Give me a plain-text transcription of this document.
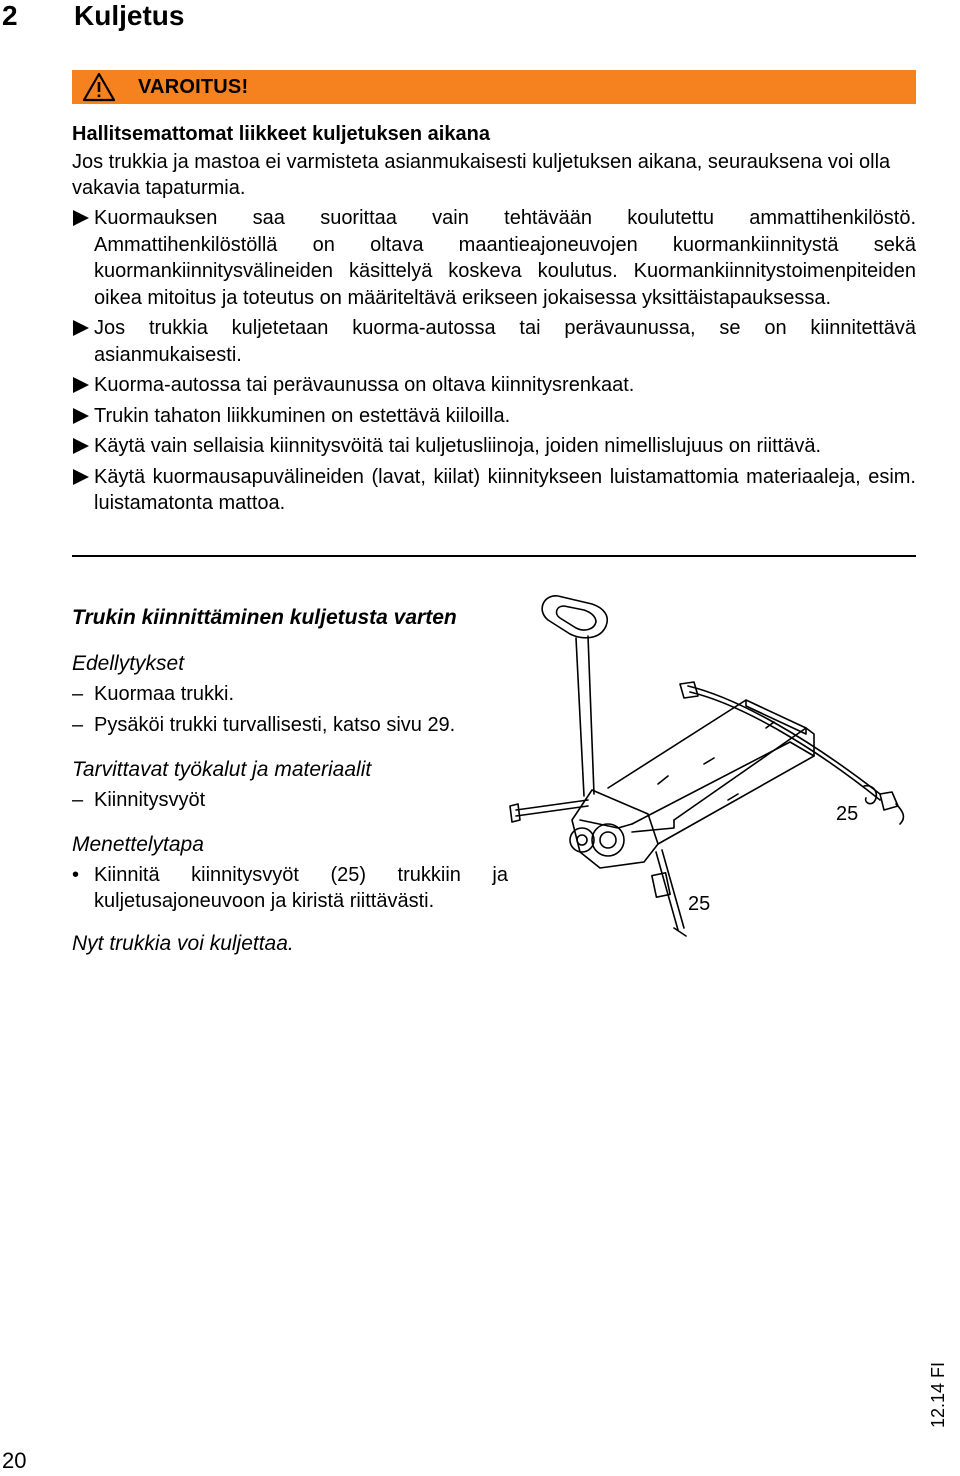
2 Kuljetus
VAROITUS!
Hallitsemattomat liikkeet kuljetuksen aikana
Jos trukkia ja mastoa ei varmisteta asianmukaisesti kuljetuksen aikana, seurauksena voi olla vakavia tapaturmia.
Kuormauksen saa suorittaa vain tehtävään koulutettu ammattihenkilöstö. Ammattihenkilöstöllä on oltava maantieajoneuvojen kuormankiinnitystä sekä kuormankiinnitysvälineiden käsittelyä koskeva koulutus. Kuormankiinnitystoimenpiteiden oikea mitoitus ja toteutus on määriteltävä erikseen jokaisessa yksittäistapauksessa.
Jos trukkia kuljetetaan kuorma-autossa tai perävaunussa, se on kiinnitettävä asianmukaisesti.
Kuorma-autossa tai perävaunussa on oltava kiinnitysrenkaat.
Trukin tahaton liikkuminen on estettävä kiiloilla.
Käytä vain sellaisia kiinnitysvöitä tai kuljetusliinoja, joiden nimellislujuus on riittävä.
Käytä kuormausapuvälineiden (lavat, kiilat) kiinnitykseen luistamattomia materiaaleja, esim. luistamatonta mattoa.
Trukin kiinnittäminen kuljetusta varten
Edellytykset
– Kuormaa trukki.
– Pysäköi trukki turvallisesti, katso sivu 29.
Tarvittavat työkalut ja materiaalit
– Kiinnitysvyöt
Menettelytapa
• Kiinnitä kiinnitysvyöt (25) trukkiin ja kuljetusajoneuvoon ja kiristä riittävästi.
Nyt trukkia voi kuljettaa.
25
25
20
12.14 FI
